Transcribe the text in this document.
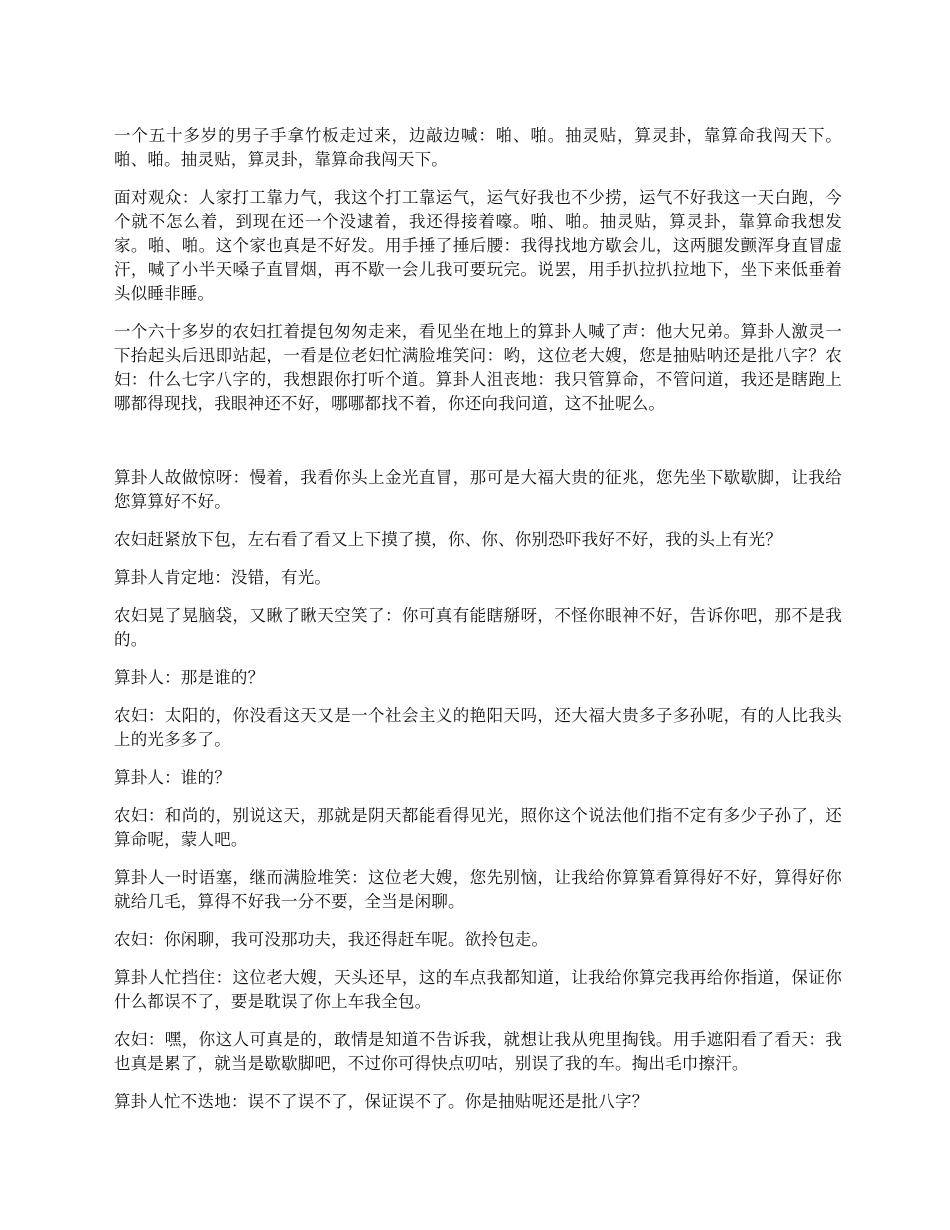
一个五十多岁的男子手拿竹板走过来，边敲边喊：啪、啪。抽灵贴，算灵卦，靠算命我闯天下。啪、啪。抽灵贴，算灵卦，靠算命我闯天下。

面对观众：人家打工靠力气，我这个打工靠运气，运气好我也不少捞，运气不好我这一天白跑，今个就不怎么着，到现在还一个没逮着，我还得接着嚎。啪、啪。抽灵贴，算灵卦，靠算命我想发家。啪、啪。这个家也真是不好发。用手捶了捶后腰：我得找地方歇会儿，这两腿发颤浑身直冒虚汗，喊了小半天嗓子直冒烟，再不歇一会儿我可要玩完。说罢，用手扒拉扒拉地下，坐下来低垂着头似睡非睡。

一个六十多岁的农妇扛着提包匆匆走来，看见坐在地上的算卦人喊了声：他大兄弟。算卦人激灵一下抬起头后迅即站起，一看是位老妇忙满脸堆笑问：哟，这位老大嫂，您是抽贴呐还是批八字？农妇：什么七字八字的，我想跟你打听个道。算卦人沮丧地：我只管算命，不管问道，我还是瞎跑上哪都得现找，我眼神还不好，哪哪都找不着，你还向我问道，这不扯呢么。

算卦人故做惊呀：慢着，我看你头上金光直冒，那可是大福大贵的征兆，您先坐下歇歇脚，让我给您算算好不好。

农妇赶紧放下包，左右看了看又上下摸了摸，你、你、你别恐吓我好不好，我的头上有光？

算卦人肯定地：没错，有光。

农妇晃了晃脑袋，又瞅了瞅天空笑了：你可真有能瞎掰呀，不怪你眼神不好，告诉你吧，那不是我的。

算卦人：那是谁的？

农妇：太阳的，你没看这天又是一个社会主义的艳阳天吗，还大福大贵多子多孙呢，有的人比我头上的光多多了。

算卦人：谁的？

农妇：和尚的，别说这天，那就是阴天都能看得见光，照你这个说法他们指不定有多少子孙了，还算命呢，蒙人吧。

算卦人一时语塞，继而满脸堆笑：这位老大嫂，您先别恼，让我给你算算看算得好不好，算得好你就给几毛，算得不好我一分不要，全当是闲聊。

农妇：你闲聊，我可没那功夫，我还得赶车呢。欲拎包走。

算卦人忙挡住：这位老大嫂，天头还早，这的车点我都知道，让我给你算完我再给你指道，保证你什么都误不了，要是耽误了你上车我全包。

农妇：嘿，你这人可真是的，敢情是知道不告诉我，就想让我从兜里掏钱。用手遮阳看了看天：我也真是累了，就当是歇歇脚吧，不过你可得快点叨咕，别误了我的车。掏出毛巾擦汗。

算卦人忙不迭地：误不了误不了，保证误不了。你是抽贴呢还是批八字？
